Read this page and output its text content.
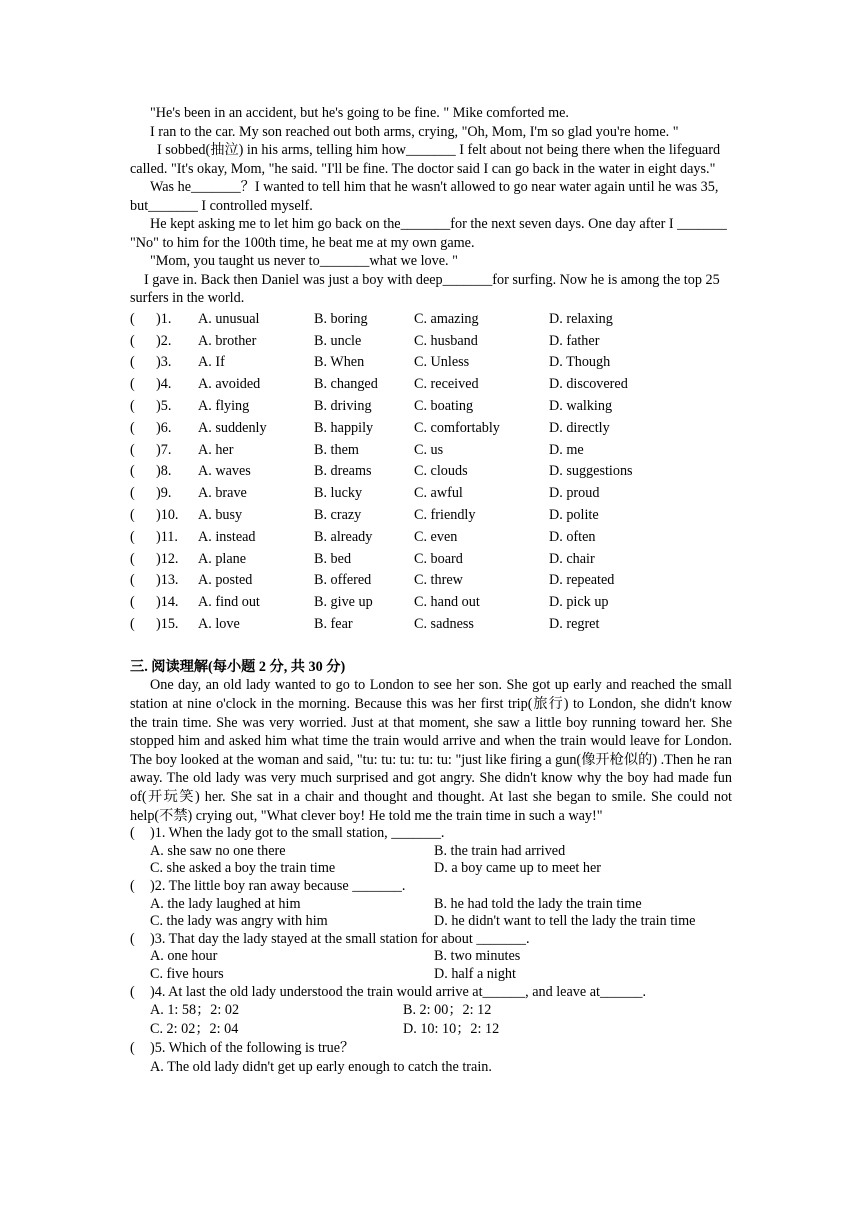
"He's been in an accident, but he's going to be fine. " Mike comforted me.

I ran to the car. My son reached out both arms, crying, "Oh, Mom, I'm so glad you're home. "

I sobbed(抽泣) in his arms, telling him how_______ I felt about not being there when the lifeguard called. "It's okay, Mom, "he said. "I'll be fine. The doctor said I can go back in the water in eight days."

Was he_______？I wanted to tell him that he wasn't allowed to go near water again until he was 35, but_______ I controlled myself.

He kept asking me to let him go back on the_______for the next seven days. One day after I _______ "No" to him for the 100th time, he beat me at my own game.

"Mom, you taught us never to_______what we love. "

I gave in. Back then Daniel was just a boy with deep_______for surfing. Now he is among the top 25 surfers in the world.

(	)1.	A. unusual	B. boring	C. amazing	D. relaxing
(	)2.	A. brother	B. uncle	C. husband	D. father
(	)3.	A. If	B. When	C. Unless	D. Though
(	)4.	A. avoided	B. changed	C. received	D. discovered
(	)5.	A. flying	B. driving	C. boating	D. walking
(	)6.	A. suddenly	B. happily	C. comfortably	D. directly
(	)7.	A. her	B. them	C. us	D. me
(	)8.	A. waves	B. dreams	C. clouds	D. suggestions
(	)9.	A. brave	B. lucky	C. awful	D. proud
(	)10.	A. busy	B. crazy	C. friendly	D. polite
(	)11.	A. instead	B. already	C. even	D. often
(	)12.	A. plane	B. bed	C. board	D. chair
(	)13.	A. posted	B. offered	C. threw	D. repeated
(	)14.	A. find out	B. give up	C. hand out	D. pick up
(	)15.	A. love	B. fear	C. sadness	D. regret
三. 阅读理解(每小题 2 分, 共 30 分)

One day, an old lady wanted to go to London to see her son. She got up early and reached the small station at nine o'clock in the morning. Because this was her first trip(旅行) to London, she didn't know the train time. She was very worried. Just at that moment, she saw a little boy running toward her. She stopped him and asked him what time the train would arrive and when the train would leave for London. The boy looked at the woman and said, "tu: tu: tu: tu: tu: "just like firing a gun(像开枪似的) .Then he ran away. The old lady was very much surprised and got angry. She didn't know why the boy had made fun of(开玩笑) her. She sat in a chair and thought and thought. At last she began to smile. She could not help(不禁) crying out, "What clever boy! He told me the train time in such a way!"

(	)1. When the lady got to the small station, _______.
A. she saw no one there	B. the train had arrived
C. she asked a boy the train time	D. a boy came up to meet her
(	)2. The little boy ran away because _______.
A. the lady laughed at him	B. he had told the lady the train time
C. the lady was angry with him	D. he didn't want to tell the lady the train time
(	)3. That day the lady stayed at the small station for about _______.
A. one hour	B. two minutes
C. five hours	D. half a night
(	)4. At last the old lady understood the train would arrive at______, and leave at______.
A. 1: 58；2: 02	B. 2: 00；2: 12
C. 2: 02；2: 04	D. 10: 10；2: 12
(	)5. Which of the following is true？
A. The old lady didn't get up early enough to catch the train.
